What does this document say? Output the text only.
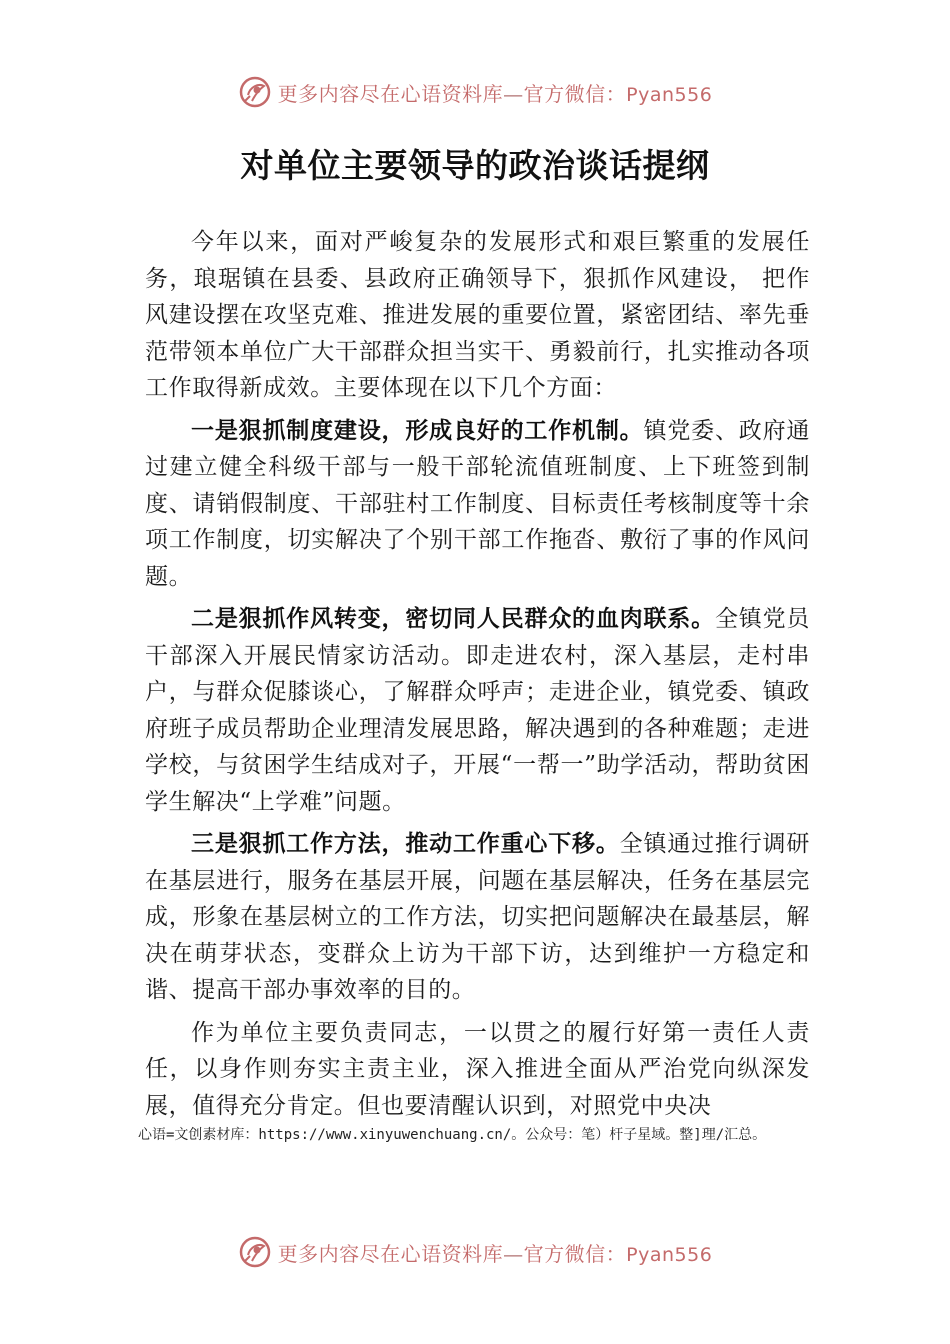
更多内容尽在心语资料库—官方微信：Pyan556
对单位主要领导的政治谈话提纲

今年以来，面对严峻复杂的发展形式和艰巨繁重的发展任务，琅琚镇在县委、县政府正确领导下，狠抓作风建设， 把作风建设摆在攻坚克难、推进发展的重要位置，紧密团结、率先垂范带领本单位广大干部群众担当实干、勇毅前行，扎实推动各项工作取得新成效。主要体现在以下几个方面：

一是狠抓制度建设，形成良好的工作机制。镇党委、政府通过建立健全科级干部与一般干部轮流值班制度、上下班签到制度、请销假制度、干部驻村工作制度、目标责任考核制度等十余项工作制度，切实解决了个别干部工作拖沓、敷衍了事的作风问题。

二是狠抓作风转变，密切同人民群众的血肉联系。全镇党员干部深入开展民情家访活动。即走进农村，深入基层，走村串户，与群众促膝谈心，了解群众呼声；走进企业，镇党委、镇政府班子成员帮助企业理清发展思路，解决遇到的各种难题；走进学校，与贫困学生结成对子，开展“一帮一”助学活动，帮助贫困学生解决“上学难”问题。

三是狠抓工作方法，推动工作重心下移。全镇通过推行调研在基层进行，服务在基层开展，问题在基层解决，任务在基层完成，形象在基层树立的工作方法，切实把问题解决在最基层，解决在萌芽状态，变群众上访为干部下访，达到维护一方稳定和谐、提高干部办事效率的目的。

作为单位主要负责同志，一以贯之的履行好第一责任人责任，以身作则夯实主责主业，深入推进全面从严治党向纵深发展，值得充分肯定。但也要清醒认识到，对照党中央决

心语=文创素材库：https://www.xinyuwenchuang.cn/。公众号：笔）杆子星域。整]理/汇总。
更多内容尽在心语资料库—官方微信：Pyan556
